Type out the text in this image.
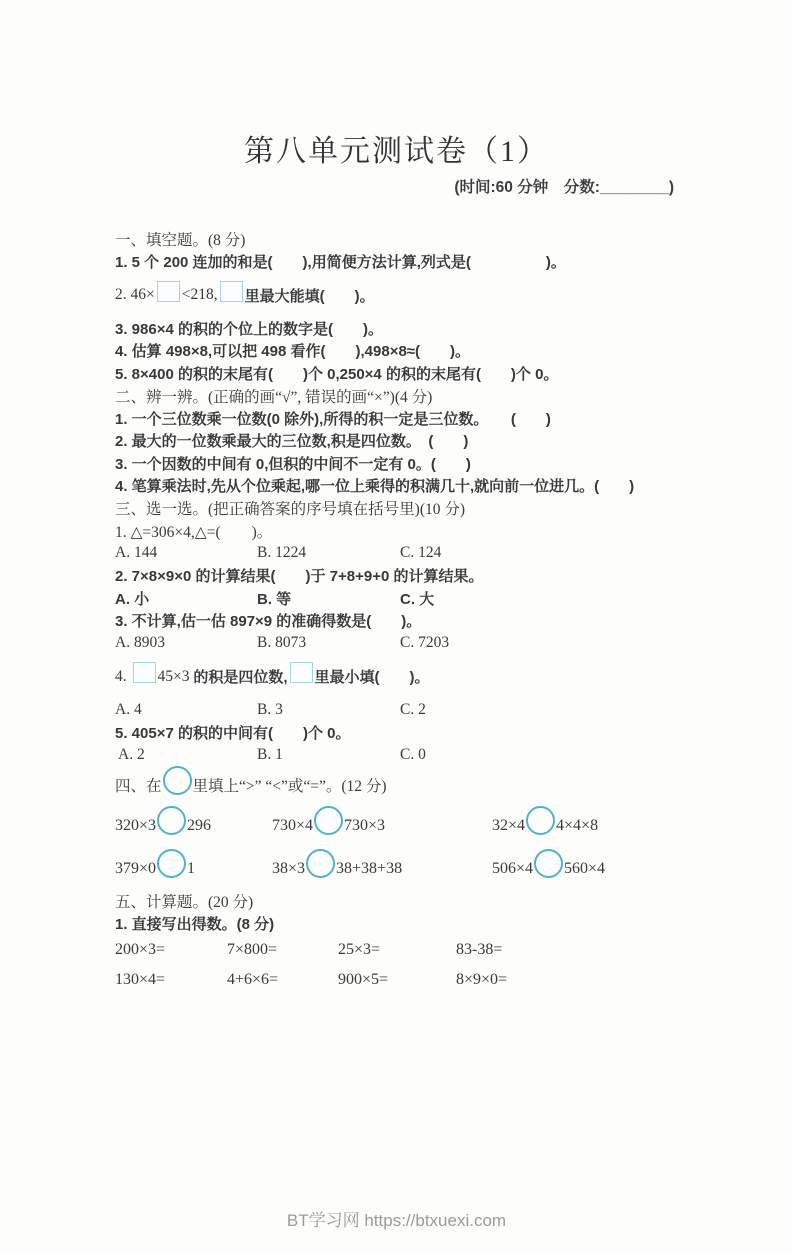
第八单元测试卷（1）
(时间:60 分钟　分数:________)
一、填空题。(8 分)
1. 5 个 200 连加的和是(　　),用简便方法计算,列式是(　　　　　)。
2. 46× <218, 里最大能填(　　)。
3. 986×4 的积的个位上的数字是(　　)。
4. 估算 498×8,可以把 498 看作(　　),498×8≈(　　)。
5. 8×400 的积的末尾有(　　)个 0,250×4 的积的末尾有(　　)个 0。
二、辨一辨。(正确的画“√”, 错误的画“×”)(4 分)
1. 一个三位数乘一位数(0 除外),所得的积一定是三位数。　　(　　)
2. 最大的一位数乘最大的三位数,积是四位数。　(　　)
3. 一个因数的中间有 0,但积的中间不一定有 0。(　　)
4. 笔算乘法时,先从个位乘起,哪一位上乘得的积满几十,就向前一位进几。(　　)
三、选一选。(把正确答案的序号填在括号里)(10 分)
1. △=306×4,△=(　　)。
A. 144	B. 1224	C. 124
2. 7×8×9×0 的计算结果(　　)于 7+8+9+0 的计算结果。
A. 小	B. 等	C. 大
3. 不计算,估一估 897×9 的准确得数是(　　)。
A. 8903	B. 8073	C. 7203
4. 45×3 的积是四位数, 里最小填(　　)。
A. 4	B. 3	C. 2
5. 405×7 的积的中间有(　　)个 0。
A. 2	B. 1	C. 0
四、在 里填上“>” “<”或“=”。(12 分)
320×3 296	730×4 730×3	32×4 4×4×8
379×0 1	38×3 38+38+38	506×4 560×4
五、计算题。(20 分)
1. 直接写出得数。(8 分)
200×3=	7×800=	25×3=	83-38=
130×4=	4+6×6=	900×5=	8×9×0=
BT学习网 https://btxuexi.com
